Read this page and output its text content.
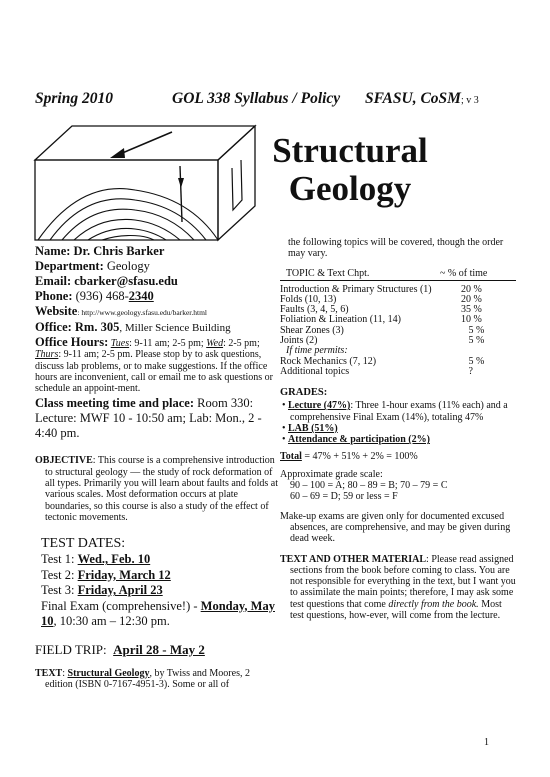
Spring 2010	GOL 338 Syllabus / Policy SFASU, CoSM; v 3
Structural
Geology
Name: Dr. Chris Barker
Department: Geology
Email: cbarker@sfasu.edu
Phone: (936) 468-2340
Website: http://www.geology.sfasu.edu/barker.html
Office: Rm. 305, Miller Science Building
Office Hours: Tues: 9-11 am; 2-5 pm; Wed: 2-5 pm; Thurs: 9-11 am; 2-5 pm. Please stop by to ask questions, discuss lab problems, or to make suggestions. If the office hours are inconvenient, call or email me to ask questions or schedule an appoint-ment.
Class meeting time and place: Room 330: Lecture: MWF 10 - 10:50 am; Lab: Mon., 2 - 4:40 pm.
OBJECTIVE: This course is a comprehensive introduction to structural geology — the study of rock deformation of all types. Primarily you will learn about faults and folds at various scales. Most deformation occurs at plate boundaries, so this course is also a study of the effect of tectonic movements.
TEST DATES:
Test 1: Wed., Feb. 10
Test 2: Friday, March 12
Test 3: Friday, April 23
Final Exam (comprehensive!) - Monday, May 10, 10:30 am – 12:30 pm.
FIELD TRIP: April 28 - May 2
TEXT: Structural Geology, by Twiss and Moores, 2 edition (ISBN 0-7167-4951-3). Some or all of
the following topics will be covered, though the order may vary.
TOPIC & Text Chpt.	~ % of time
Introduction & Primary Structures (1)	20 %
Folds (10, 13)	20 %
Faults (3, 4, 5, 6)	35 %
Foliation & Lineation (11, 14)	10 %
Shear Zones (3)	5 %
Joints (2)	5 %
If time permits:
Rock Mechanics (7, 12)	5 %
Additional topics	?
GRADES:
• Lecture (47%): Three 1-hour exams (11% each) and a comprehensive Final Exam (14%), totaling 47%
• LAB (51%)
• Attendance & participation (2%)
Total = 47% + 51% + 2% = 100%
Approximate grade scale:
90 – 100 = A; 80 – 89 = B; 70 – 79 = C
60 – 69 = D; 59 or less = F
Make-up exams are given only for documented excused absences, are comprehensive, and may be given during dead week.
TEXT AND OTHER MATERIAL: Please read assigned sections from the book before coming to class. You are not responsible for everything in the text, but I want you to assimilate the main points; therefore, I may ask some test questions that come directly from the book. Most test questions, how-ever, will come from the lecture.
1
